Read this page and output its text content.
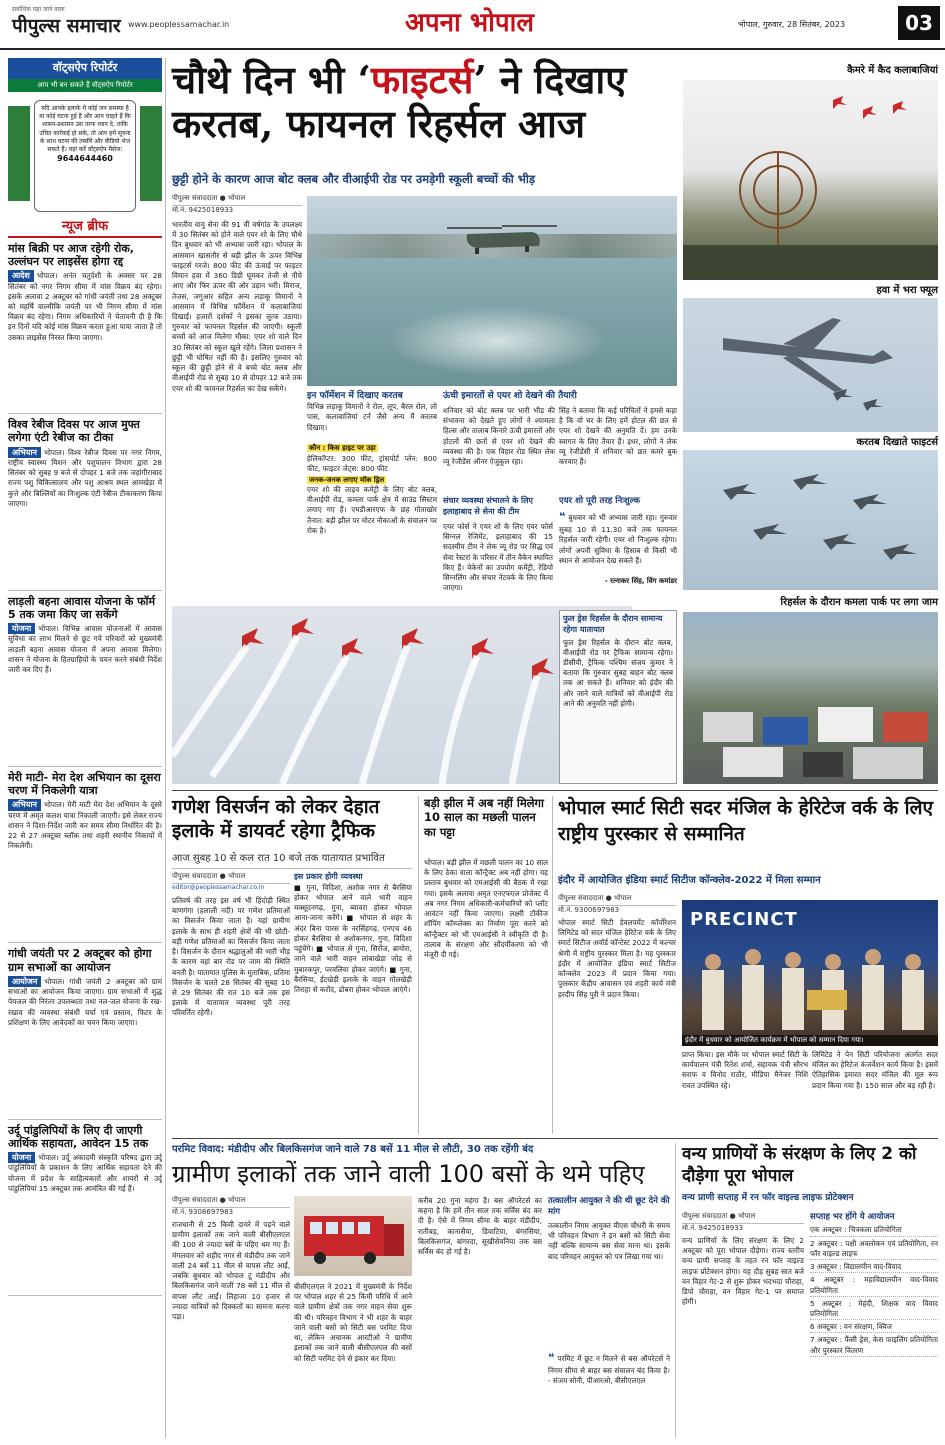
सर्वाधिक पढ़ा जाने वाला
पीपुल्स समाचार www.peoplessamachar.in	अपना भोपाल	भोपाल, गुरुवार, 28 सितंबर, 2023	03
वॉट्सऐप रिपोर्टर
आप भी बन सकते हैं वॉट्सऐप रिपोर्टर
यदि आपके इलाके में कोई जन समस्या है या कोई घटना हुई है और आप चाहते हैं कि शासन-प्रशासन उस तरफ ध्यान दे, ताकि उचित कार्रवाई हो सके, तो आप हमें सूचना के साथ घटना की तस्वीरें और वीडियो भेज सकते हैं। यहां करें वॉट्सऐप मैसेज:
9644644460
न्यूज ब्रीफ
मांस बिक्री पर आज रहेगी रोक, उल्लंघन पर लाइसेंस होगा रद्द
आदेश भोपाल। अनंत चतुर्दशी के अवसर पर 28 सितंबर को नगर निगम सीमा में मांस विक्रय बंद रहेगा। इसके अलावा 2 अक्टूबर को गांधी जयंती तथा 28 अक्टूबर को महर्षि वाल्मीकि जयंती पर भी निगम सीमा में मांस विक्रय बंद रहेगा। निगम अधिकारियों ने चेतावनी दी है कि इन दिनों यदि कोई मांस विक्रय करता हुआ पाया जाता है तो उसका लाइसेंस निरस्त किया जाएगा।
विश्व रेबीज दिवस पर आज मुफ्त लगेगा एंटी रेबीज का टीका
अभियान भोपाल। विश्व रेबीज दिवस पर नगर निगम, राष्ट्रीय स्वास्थ्य मिशन और पशुपालन विभाग द्वारा 28 सितंबर को सुबह 9 बजे से दोपहर 1 बजे तक जहांगीराबाद राज्य पशु चिकित्सालय और पशु आश्रय स्थल आमखेड़ा में कुत्ते और बिल्लियों का निःशुल्क एंटी रेबीज टीकाकरण किया जाएगा।
लाड़ली बहना आवास योजना के फॉर्म 5 तक जमा किए जा सकेंगे
योजना भोपाल। विभिन्न आवास योजनाओं में आवास सुविधा का लाभ मिलने से छूट गये परिवारों को मुख्यमंत्री लाड़ली बहना आवास योजना में अपना आवास मिलेगा। शासन ने योजना के हितग्राहियों के चयन करने संबंधी निर्देश जारी कर दिए हैं।
मेरी माटी- मेरा देश अभियान का दूसरा चरण में निकलेगी यात्रा
अभियान भोपाल। मेरी माटी मेरा देश अभियान के दूसरे चरण में अमृत कलश यात्रा निकाली जाएगी। इसे लेकर राज्य शासन ने दिशा-निर्देश जारी कर समय सीमा निर्धारित की है। 22 से 27 अक्टूबर ब्लॉक तथा शहरी स्थानीय निकायों में निकलेगी।
गांधी जयंती पर 2 अक्टूबर को होगा ग्राम सभाओं का आयोजन
आयोजन भोपाल। गांधी जयंती 2 अक्टूबर को ग्राम सभाओं का आयोजन किया जाएगा। ग्राम सभाओं में शुद्ध पेयजल की निरंतर उपलब्धता तथा नल-जल योजना के रख-रखाव की व्यवस्था संबंधी चर्चा एवं प्रस्ताव, फिटर के प्रशिक्षण के लिए आवेदकों का चयन किया जाएगा।
उर्दू पांडुलिपियों के लिए दी जाएगी आर्थिक सहायता, आवेदन 15 तक
योजना भोपाल। उर्दू अकादमी संस्कृति परिषद द्वारा उर्दू पांडुलिपियों के प्रकाशन के लिए आर्थिक सहायता देने की योजना में प्रदेश के साहित्यकारों और शायरों से उर्दू पांडुलिपियां 15 अक्टूबर तक आमंत्रित की गई हैं।
चौथे दिन भी ‘फाइटर्स’ ने दिखाए करतब, फायनल रिहर्सल आज
छुट्टी होने के कारण आज बोट क्लब और वीआईपी रोड पर उमड़ेगी स्कूली बच्चों की भीड़
पीपुल्स संवाददाता ● भोपाल
मो.नं. 9425018933
भारतीय वायु सेना की 91 वीं वर्षगांठ के उपलक्ष्य में 30 सितंबर को होने वाले एयर शो के लिए चौथे दिन बुधवार को भी अभ्यास जारी रहा। भोपाल के आसमान खासतौर से बड़ी झील के ऊपर विभिन्न फाइटर्स गरजे। 800 फीट की ऊंचाई पर फाइटर विमान हवा में 360 डिग्री घूमकर तेजी से नीचे आए और फिर ऊपर की ओर उड़ान भरी। मिराज, तेजस, जगुआर सहित अन्य लड़ाकू विमानों ने आसमान में विभिन्न फॉर्मेशन में कलाबाजियां दिखाईं। हजारों दर्शकों ने इसका लुत्फ उठाया। गुरुवार को फायनल रिहर्सल की जाएगी। स्कूली बच्चों को आज मिलेगा मौका: एयर शो वाले दिन 30 सितंबर को स्कूल खुले रहेंगे। जिला प्रशासन ने छुट्टी भी घोषित नहीं की है। इसलिए गुरुवार को स्कूल की छुट्टी होने से वे बच्चे बोट क्लब और वीआईपी रोड से सुबह 10 से दोपहर 12 बजे तक एयर शो की फायनल रिहर्सल का देख सकेंगे।
इन फॉर्मेशन में दिखाए करतब
विभिन्न लड़ाकू विमानों ने रोल, लूप, बैरल रोल, लो पास, कलाबाजियां टर्न जैसे अन्य मैं करतब दिखाए।
कौन : किस हाइट पर उड़ा
हेलिकॉप्टर: 300 फीट, ट्रांसपोर्ट प्लेन: 800 फीट, फाइटर जेट्स: 800 फीट
जनक-जनक लगाए मॉक ड्रिल
एयर शो की लाइव कमेंट्री के लिए बोट क्लब, वीआईपी रोड, कमला पार्क क्षेत्र में साउंड सिस्टम लगाए गए हैं। एमडीआरएफ के छह गोताखोर तैनात: बड़ी झील पर मोटर नौकाओं के संचालन पर रोक है।
ऊंची इमारतों से एयर शो देखने की तैयारी
शनिवार को बोट क्लब पर भारी भीड़ की संभावना को देखते हुए लोगों ने श्यामला हिल्स और तालाब किनारे ऊंची इमारतों और होटलों की छतों से एयर शो देखने की व्यवस्था की है। एक विहार रोड स्थित लेक व्यू रेजीडेंस ऑनर ऐजुकूल रहा।
सिंह ने बताया कि कई परिचितों ने हमसे कहा है कि वो घर के लिए हमें होटल की छत से एयर शो देखने की अनुमति दें। हम उनके स्वागत के लिए तैयार हैं। इधर, लोगों ने लेक व्यू रेजीडेंसी में शनिवार को छत कमरे बुक करवाए हैं।
संचार व्यवस्था संभालने के लिए इलाहाबाद से सेना की टीम
एयर फोर्स ने एयर शो के लिए एयर फोर्स सिग्नल रेजिमेंट, इलाहाबाद की 15 सदस्यीय टीम ने लेक व्यू रोड पर सिद्ध एवं सेवा रेस्टरां के परिसर में तीन वैकेन स्थापित किए हैं। वेकेनों का उपयोग कमेंट्री, रेडियो सिग्नलिंग और संचार नेटवर्क के लिए किया जाएगा।
एयर शो पूरी तरह निःशुल्क
❝ बुधवार को भी अभ्यास जारी रहा। गुरुवार सुबह 10 से 11.30 बजे तक फायनल रिहर्सल जारी रहेगी। एयर शो निःशुल्क रहेगा। लोगों अपनी सुविधा के हिसाब से किसी भी स्थान से आयोजन देख सकते हैं।
- रत्नाकर सिंह, विंग कमांडर
कैमरे में कैद कलाबाजियां
हवा में भरा फ्यूल
करतब दिखाते फाइटर्स
रिहर्सल के दौरान कमला पार्क पर लगा जाम
फुल ड्रेस रिहर्सल के दौरान सामान्य रहेगा यातायात
फुल ड्रेस रिहर्सल के दौरान बोट क्लब, वीआईपी रोड पर ट्रैफिक सामान्य रहेगा। डीसीपी, ट्रैफिक पश्चिम संजय कुमार ने बताया कि गुरुवार सुबह बाहन बोट क्लब तक आ सकते हैं। शनिवार को इंदौर की ओर जाने वाले यात्रियों को वीआईपी रोड आने की अनुमति नहीं होगी।
गणेश विसर्जन को लेकर देहात इलाके में डायवर्ट रहेगा ट्रैफिक
आज सुबह 10 से कल रात 10 बजे तक यातायात प्रभावित
पीपुल्स संवाददाता ● भोपाल
editor@peoplessamachar.co.in
प्रतिवर्ष की तरह इस वर्ष भी हिंदोड़ी स्थित बाणगंगा (हलाली नदी) पर गणेश प्रतिमाओं का विसर्जन किया जाता है। यहां ग्रामीण इलाके के साथ ही शहरी क्षेत्रों की भी छोटी-बड़ी गणेश प्रतिमाओं का विसर्जन किया जाता है। विसर्जन के दौरान श्रद्धालुओं की भारी भीड़ के कारण वहां बार रोड पर जाम की स्थिति बनती है। यातायात पुलिस के मुताबिक, प्रतिमा विसर्जन के चलते 28 सितंबर की सुबह 10 से 29 सितंबर की रात 10 बजे तक इस इलाके में यातायात व्यवस्था पूरी तरह परिवर्तित रहेगी।
इस प्रकार होगी व्यवस्था
■ गुना, विदिशा, अशोक नगर से बैरसिया होकर भोपाल आने वाले भारी वाहन मक्सूदनगढ़, गुना, ब्यावरा होकर भोपाल आना-जाना करेंगे। ■ भोपाल से शहर के अंदर बिना पारस के नरसिंहगढ़, एनएच 46 होकर बैरसिया से अशोकनगर, गुना, विदिशा पहुंचेंगे। ■ भोपाल से गुना, सिरोंज, ब्रायोरा, जाने वाले भारी वाहन लांबाखेड़ा जोड़ से मुबारकपुर, परवलिया होकर जाएंगे। ■ गुना, बैरसिया, ईटखेड़ी इलाके के वाहन गोलखेड़ी तिराहा से करोंद, ढोबरा होकर भोपाल आएंगे।
बड़ी झील में अब नहीं मिलेगा 10 साल का मछली पालन का पट्टा
भोपाल। बड़ी झील में मछली पालन का 10 साल के लिए ठेका वाला कॉन्ट्रैक्ट अब नहीं होगा। यह प्रस्ताव बुधवार को एमआईसी की बैठक में रखा गया। इसके अलावा अमृत एनएफएल प्रोजेक्ट में अब नगर निगम अधिकारी-कर्मचारियों को प्लॉट आवंटन नहीं किया जाएगा। लक्ष्मी टॉकीज शॉपिंग कॉम्प्लेक्स का निर्माण पूरा करने को कॉन्ट्रैक्टर को भी एमआईसी ने स्वीकृति दी है। तालाब के संरक्षण और सौंदर्यीकरण को भी मंजूरी दी गई।
भोपाल स्मार्ट सिटी सदर मंजिल के हेरिटेज वर्क के लिए राष्ट्रीय पुरस्कार से सम्मानित
इंदौर में आयोजित इंडिया स्मार्ट सिटीज कॉन्क्लेव-2022 में मिला सम्मान
पीपुल्स संवाददाता ● भोपाल
मो.नं. 9300697983
भोपाल स्मार्ट सिटी डेवलपमेंट कॉर्पोरेशन लिमिटेड को सदर मंजिल हेरिटेज वर्क के लिए स्मार्ट सिटीज अवॉर्ड कॉन्टेस्ट 2022 में कल्चर श्रेणी में राष्ट्रीय पुरस्कार मिला है। यह पुरस्कार इंदौर में आयोजित इंडिया स्मार्ट सिटीज कॉन्क्लेव 2023 में प्रदान किया गया। पुरस्कार केंद्रीय आवासन एवं शहरी कार्य मंत्री हरदीप सिंह पुरी ने प्रदान किया।
PRECINCT
इंदौर में बुधवार को आयोजित कार्यक्रम में भोपाल को सम्मान दिया गया।
प्राप्त किया। इस मौके पर भोपाल स्मार्ट सिटी के कार्यपालन यंत्री रितेश शर्मा, सहायक यंत्री सौरभ सराफ व विनोद राठौर, मीडिया मैनेजर निशि रावत उपस्थित रहे।
लिमिटेड ने पेन सिटी परियोजना अंतर्गत सदर मंजिल का हेरिटेज कंजर्वेशन कार्य किया है। इसमें ऐतिहासिक इमारत सदर मंजिल की मूल रूप प्रदान किया गया है। 150 साल और बड़ रही है।
परमिट विवाद: मंडीदीप और बिलकिसगंज जाने वाले 78 बसें 11 मील से लौटी, 30 तक रहेंगी बंद
ग्रामीण इलाकों तक जाने वाली 100 बसों के थमे पहिए
पीपुल्स संवाददाता ● भोपाल
मो.नं. 9308697983
राजधानी से 25 किमी दायरे में पड़ने वाले ग्रामीण इलाकों तक जाने वाली बीसीएलएल की 100 से ज्यादा बसें के पहिए थम गए हैं। मंगलवार को शहीद नगर से मंडीदीप तक जाने वाली 24 बसें 11 मील से वापस लौट आईं, जबकि बुधवार को भोपाल टू मंडीदीप और बिलकिसगंज जाने वाली 78 बसें 11 मील से वापस लौट आईं। लिहाजा 10 हजार से ज्यादा यात्रियों को दिक्कतों का सामना करना पड़ा।
बीसीएलएल ने 2021 में मुख्यमंत्री के निर्देश पर भोपाल शहर से 25 किमी परिधि में आने वाले ग्रामीण क्षेत्रों तक नगर वाहन सेवा शुरू की थी। परिवहन विभाग ने भी शहर के बाहर जाने वाली बसों को सिटी बस परमिट दिया था, लेकिन अचानक आरटीओ ने ग्रामीण इलाकों तक जाने वाली बीसीएलएल की बसों को सिटी परमिट देने से इंकार कर दिया।
करीब 20 गुना महंगा है। बस ऑपरेटर्स का कहना है कि हमें तीन साल तक सर्विस बंद कर दी है। ऐसे में निगम सीमा के बाहर मंडीदीप, रातीबड़, कानासैया, डिवाटिया, बंगरसिया, बिलकिसगंज, बांगरदा, सूखीसेवनिया तक बस सर्विस बंद हो गई है।
तत्कालीन आयुक्त ने की थी छूट देने की मांग
तत्कालीन निगम आयुक्त वीएस चौधरी के समय भी परिवहन विभाग ने इन बसों को सिटी सेवा नहीं बल्कि सामान्य बस सेवा माना था। इसके बाद परिवहन आयुक्त को पत्र लिखा गया था।
❝ परमिट में छूट न मिलने से बस ऑपरेटर्स ने निगम सीमा से बाहर बस संचालन बंद किया है। - संजय सोनी, पीआरओ, बीसीएलएल
वन्य प्राणियों के संरक्षण के लिए 2 को दौड़ेगा पूरा भोपाल
वन्य प्राणी सप्ताह में रन फॉर वाइल्ड लाइफ प्रोटेक्शन
पीपुल्स संवाददाता ● भोपाल
मो.नं. 9425018933
वन्य प्राणियों के लिए संरक्षण के लिए 2 अक्टूबर को पूरा भोपाल दौड़ेगा। राज्य स्तरीय वन्य प्राणी सप्ताह के तहत रन फॉर वाइल्ड लाइफ प्रोटेक्शन होगा। यह दौड़ सुबह सात बजे वन विहार गेट-2 से शुरू होकर भदभदा चौराहा, डिपो चौराहा, वन विहार गेट-1 पर समाप्त होगी।
सप्ताह भर होंगे ये आयोजन
एक अक्टूबर : चित्रकला प्रतियोगिता
2 अक्टूबर : पक्षी अवलोकन एवं प्रतियोगिता, रन फॉर वाइल्ड लाइफ
3 अक्टूबर : विद्यालयीन वाद-विवाद
4 अक्टूबर : महाविद्यालयीन वाद-विवाद प्रतियोगिता
5 अक्टूबर : मेहंदी, शिक्षक वाद विवाद प्रतियोगिता
6 अक्टूबर : वन संरक्षण, क्विज
7 अक्टूबर : फैंसी ड्रेस, केस फाइलिंग प्रतियोगिता और पुरस्कार वितरण
